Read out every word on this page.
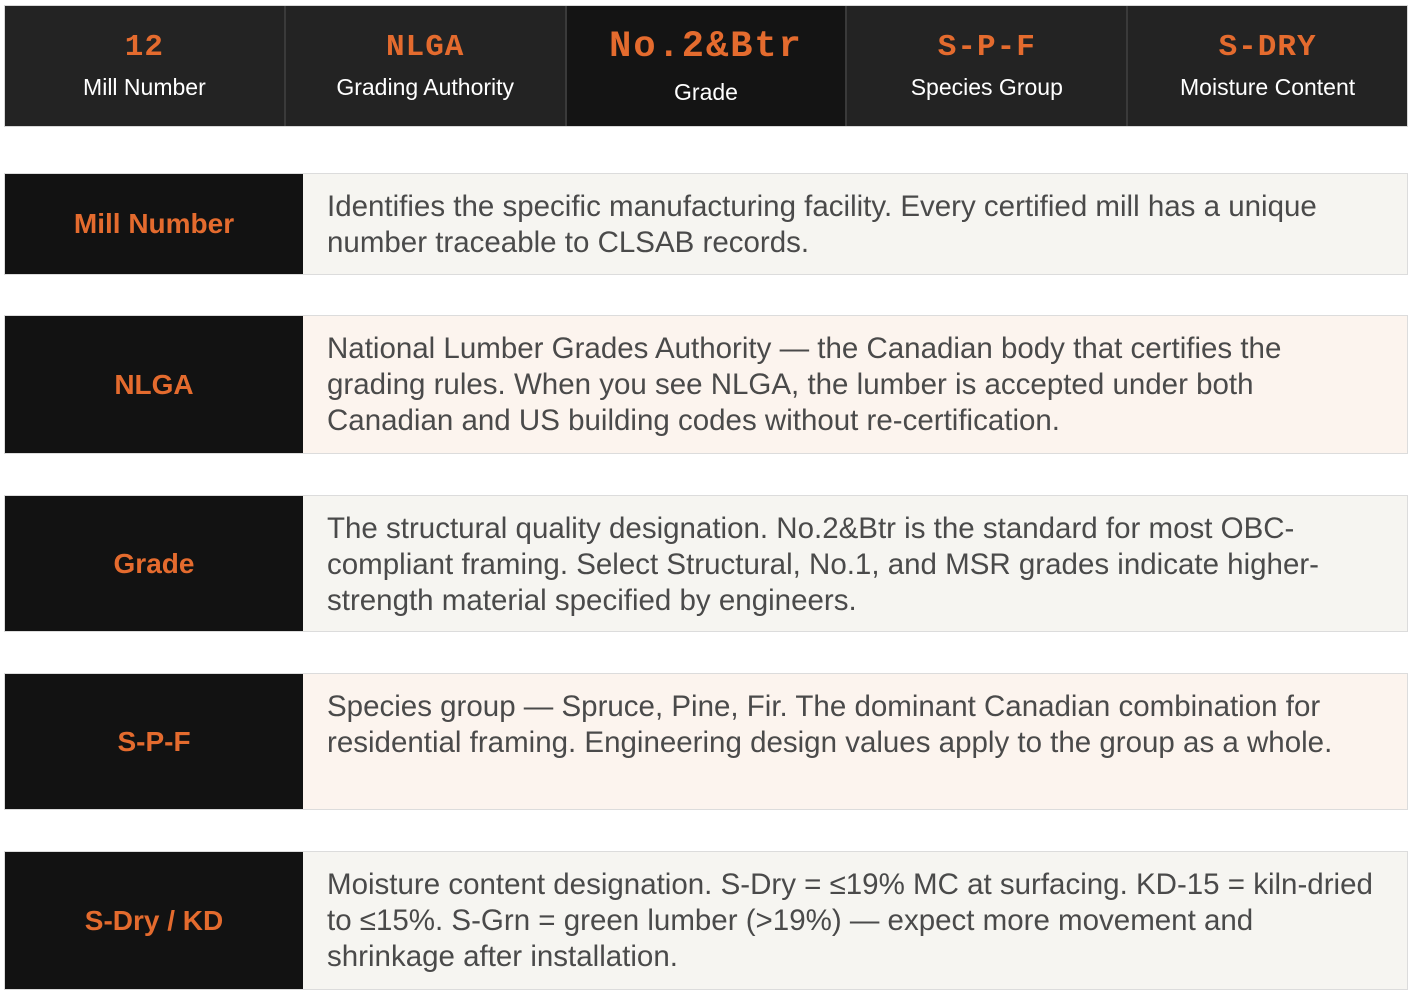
12
Mill Number
NLGA
Grading Authority
No.2&Btr
Grade
S-P-F
Species Group
S-DRY
Moisture Content
Mill Number
Identifies the specific manufacturing facility. Every certified mill has a unique number traceable to CLSAB records.
NLGA
National Lumber Grades Authority — the Canadian body that certifies the grading rules. When you see NLGA, the lumber is accepted under both Canadian and US building codes without re-certification.
Grade
The structural quality designation. No.2&Btr is the standard for most OBC-compliant framing. Select Structural, No.1, and MSR grades indicate higher-strength material specified by engineers.
S-P-F
Species group — Spruce, Pine, Fir. The dominant Canadian combination for residential framing. Engineering design values apply to the group as a whole.
S-Dry / KD
Moisture content designation. S-Dry = ≤19% MC at surfacing. KD-15 = kiln-dried to ≤15%. S-Grn = green lumber (>19%) — expect more movement and shrinkage after installation.
